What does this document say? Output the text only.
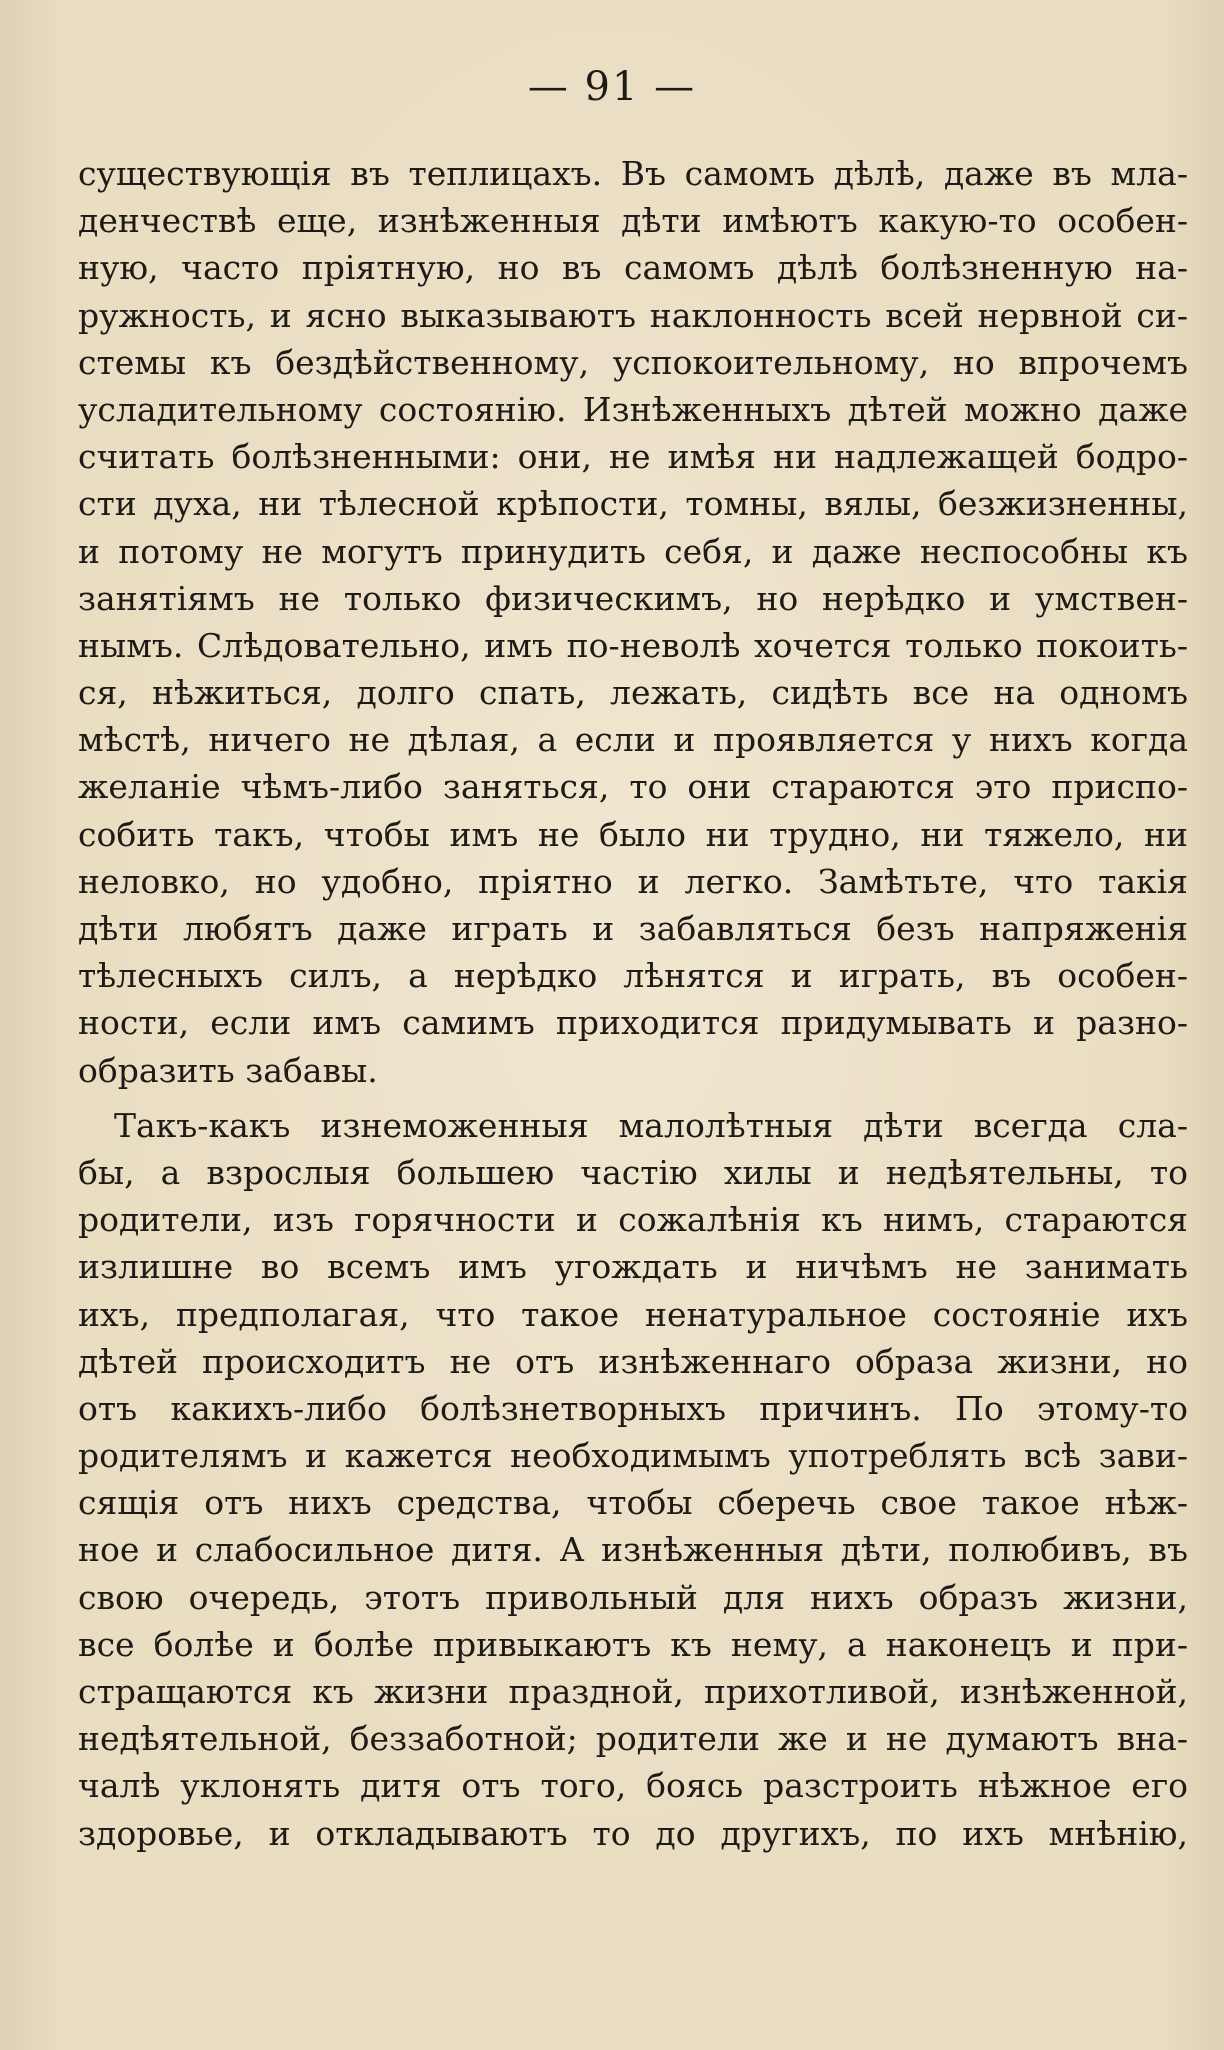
— 91 —
существующія въ теплицахъ. Въ самомъ дѣлѣ, даже въ мла-
денчествѣ еще, изнѣженныя дѣти имѣютъ какую-то особен-
ную, часто пріятную, но въ самомъ дѣлѣ болѣзненную на-
ружность, и ясно выказываютъ наклонность всей нервной си-
стемы къ бездѣйственному, успокоительному, но впрочемъ
усладительному состоянію. Изнѣженныхъ дѣтей можно даже
считать болѣзненными: они, не имѣя ни надлежащей бодро-
сти духа, ни тѣлесной крѣпости, томны, вялы, безжизненны,
и потому не могутъ принудить себя, и даже неспособны къ
занятіямъ не только физическимъ, но нерѣдко и умствен-
нымъ. Слѣдовательно, имъ по-неволѣ хочется только покоить-
ся, нѣжиться, долго спать, лежать, сидѣть все на одномъ
мѣстѣ, ничего не дѣлая, а если и проявляется у нихъ когда
желаніе чѣмъ-либо заняться, то они стараются это приспо-
собить такъ, чтобы имъ не было ни трудно, ни тяжело, ни
неловко, но удобно, пріятно и легко. Замѣтьте, что такія
дѣти любятъ даже играть и забавляться безъ напряженія
тѣлесныхъ силъ, а нерѣдко лѣнятся и играть, въ особен-
ности, если имъ самимъ приходится придумывать и разно-
образить забавы.
Такъ-какъ изнеможенныя малолѣтныя дѣти всегда сла-
бы, а взрослыя большею частію хилы и недѣятельны, то
родители, изъ горячности и сожалѣнія къ нимъ, стараются
излишне во всемъ имъ угождать и ничѣмъ не занимать
ихъ, предполагая, что такое ненатуральное состояніе ихъ
дѣтей происходитъ не отъ изнѣженнаго образа жизни, но
отъ какихъ-либо болѣзнетворныхъ причинъ. По этому-то
родителямъ и кажется необходимымъ употреблять всѣ зави-
сящія отъ нихъ средства, чтобы сберечь свое такое нѣж-
ное и слабосильное дитя. А изнѣженныя дѣти, полюбивъ, въ
свою очередь, этотъ привольный для нихъ образъ жизни,
все болѣе и болѣе привыкаютъ къ нему, а наконецъ и при-
стращаются къ жизни праздной, прихотливой, изнѣженной,
недѣятельной, беззаботной; родители же и не думаютъ вна-
чалѣ уклонять дитя отъ того, боясь разстроить нѣжное его
здоровье, и откладываютъ то до другихъ, по ихъ мнѣнію,
